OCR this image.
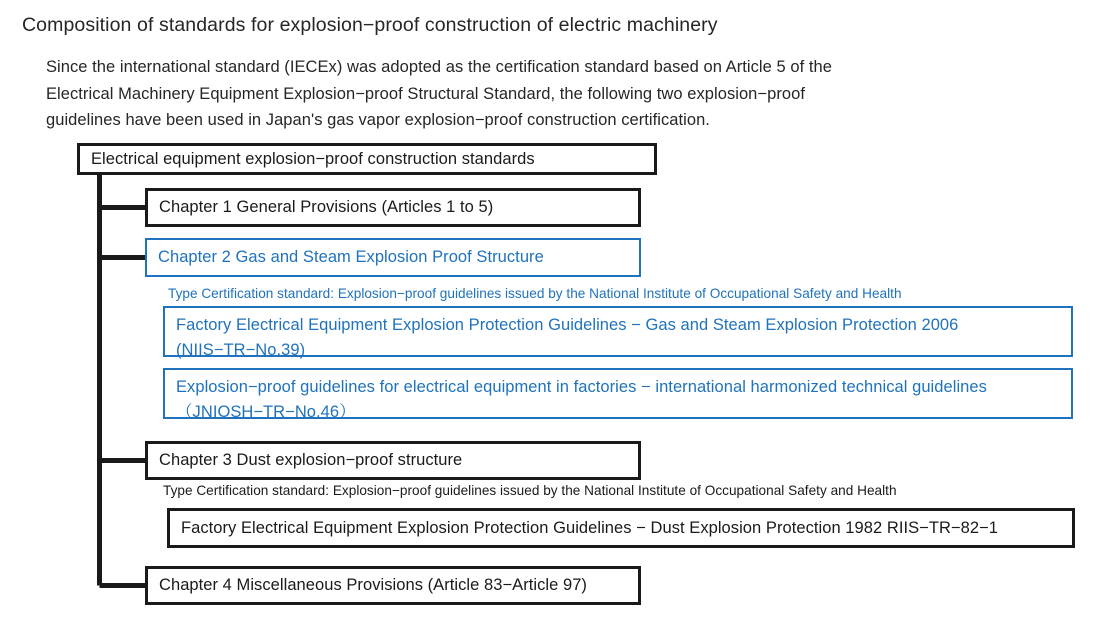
Composition of standards for explosion−proof construction of electric machinery
Since the international standard (IECEx) was adopted as the certification standard based on Article 5 of the
Electrical Machinery Equipment Explosion−proof Structural Standard, the following two explosion−proof
guidelines have been used in Japan's gas vapor explosion−proof construction certification.
Electrical equipment explosion−proof construction standards
Chapter 1 General Provisions (Articles 1 to 5)
Chapter 2 Gas and Steam Explosion Proof Structure
Type Certification standard: Explosion−proof guidelines issued by the National Institute of Occupational Safety and Health
Factory Electrical Equipment Explosion Protection Guidelines − Gas and Steam Explosion Protection 2006
(NIIS−TR−No.39)
Explosion−proof guidelines for electrical equipment in factories − international harmonized technical guidelines
（JNIOSH−TR−No.46）
Chapter 3 Dust explosion−proof structure
Type Certification standard: Explosion−proof guidelines issued by the National Institute of Occupational Safety and Health
Factory Electrical Equipment Explosion Protection Guidelines − Dust Explosion Protection 1982 RIIS−TR−82−1
Chapter 4 Miscellaneous Provisions (Article 83−Article 97)
